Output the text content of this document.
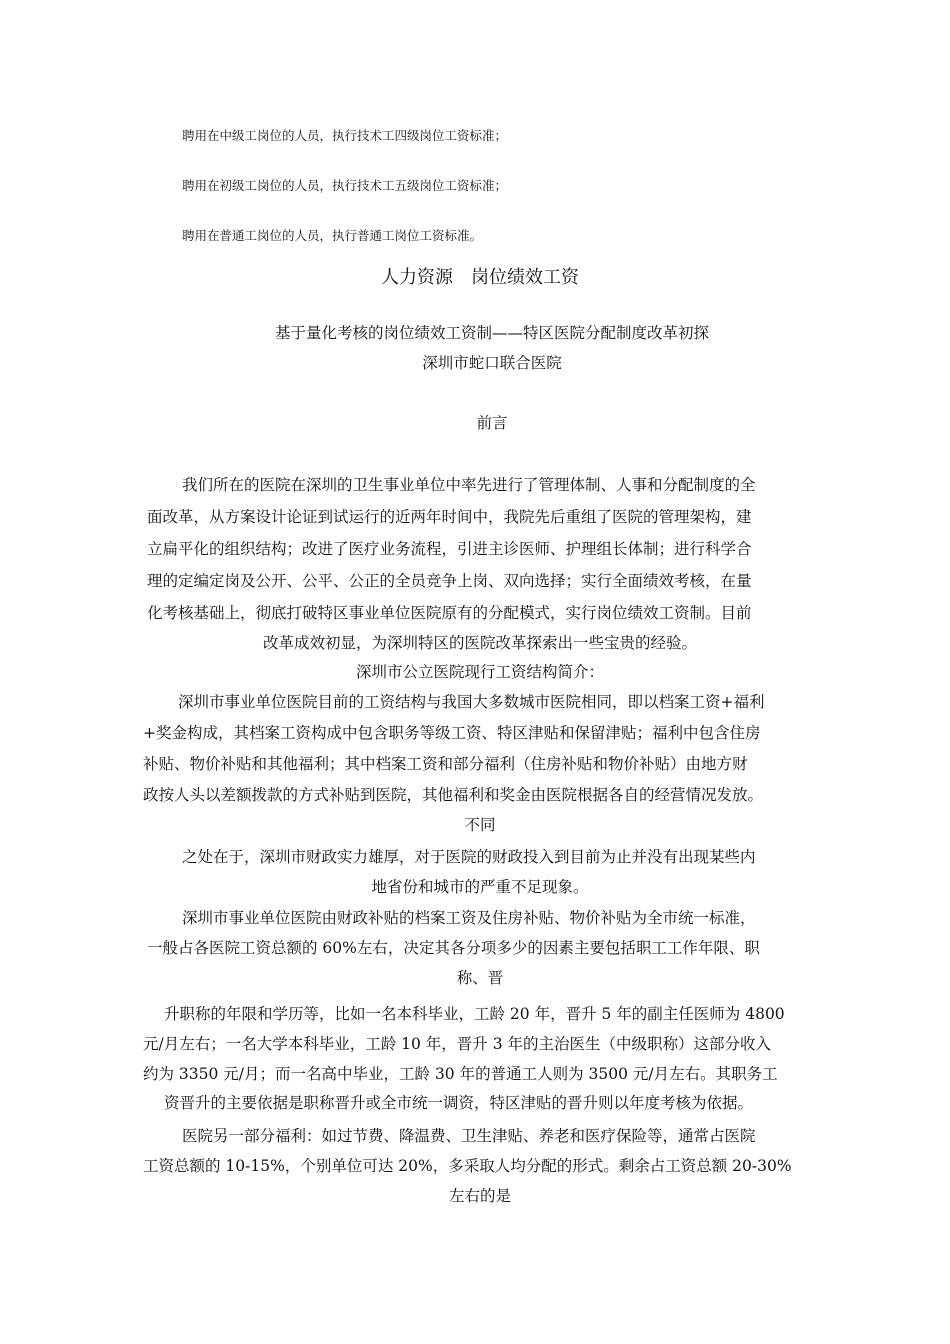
聘用在中级工岗位的人员，执行技术工四级岗位工资标准；
聘用在初级工岗位的人员，执行技术工五级岗位工资标准；
聘用在普通工岗位的人员，执行普通工岗位工资标准。
人力资源　岗位绩效工资
基于量化考核的岗位绩效工资制——特区医院分配制度改革初探
深圳市蛇口联合医院
前言
我们所在的医院在深圳的卫生事业单位中率先进行了管理体制、人事和分配制度的全
面改革，从方案设计论证到试运行的近两年时间中，我院先后重组了医院的管理架构，建
立扁平化的组织结构；改进了医疗业务流程，引进主诊医师、护理组长体制；进行科学合
理的定编定岗及公开、公平、公正的全员竞争上岗、双向选择；实行全面绩效考核，在量
化考核基础上，彻底打破特区事业单位医院原有的分配模式，实行岗位绩效工资制。目前
改革成效初显，为深圳特区的医院改革探索出一些宝贵的经验。
深圳市公立医院现行工资结构简介：
深圳市事业单位医院目前的工资结构与我国大多数城市医院相同，即以档案工资+福利
+奖金构成，其档案工资构成中包含职务等级工资、特区津贴和保留津贴；福利中包含住房
补贴、物价补贴和其他福利；其中档案工资和部分福利（住房补贴和物价补贴）由地方财
政按人头以差额拨款的方式补贴到医院，其他福利和奖金由医院根据各自的经营情况发放。
不同
之处在于，深圳市财政实力雄厚，对于医院的财政投入到目前为止并没有出现某些内
地省份和城市的严重不足现象。
深圳市事业单位医院由财政补贴的档案工资及住房补贴、物价补贴为全市统一标准，
一般占各医院工资总额的 60%左右，决定其各分项多少的因素主要包括职工工作年限、职
称、晋
升职称的年限和学历等，比如一名本科毕业，工龄 20 年，晋升 5 年的副主任医师为 4800
元/月左右；一名大学本科毕业，工龄 10 年，晋升 3 年的主治医生（中级职称）这部分收入
约为 3350 元/月；而一名高中毕业，工龄 30 年的普通工人则为 3500 元/月左右。其职务工
资晋升的主要依据是职称晋升或全市统一调资，特区津贴的晋升则以年度考核为依据。
医院另一部分福利：如过节费、降温费、卫生津贴、养老和医疗保险等，通常占医院
工资总额的 10-15%，个别单位可达 20%，多采取人均分配的形式。剩余占工资总额 20-30%
左右的是
